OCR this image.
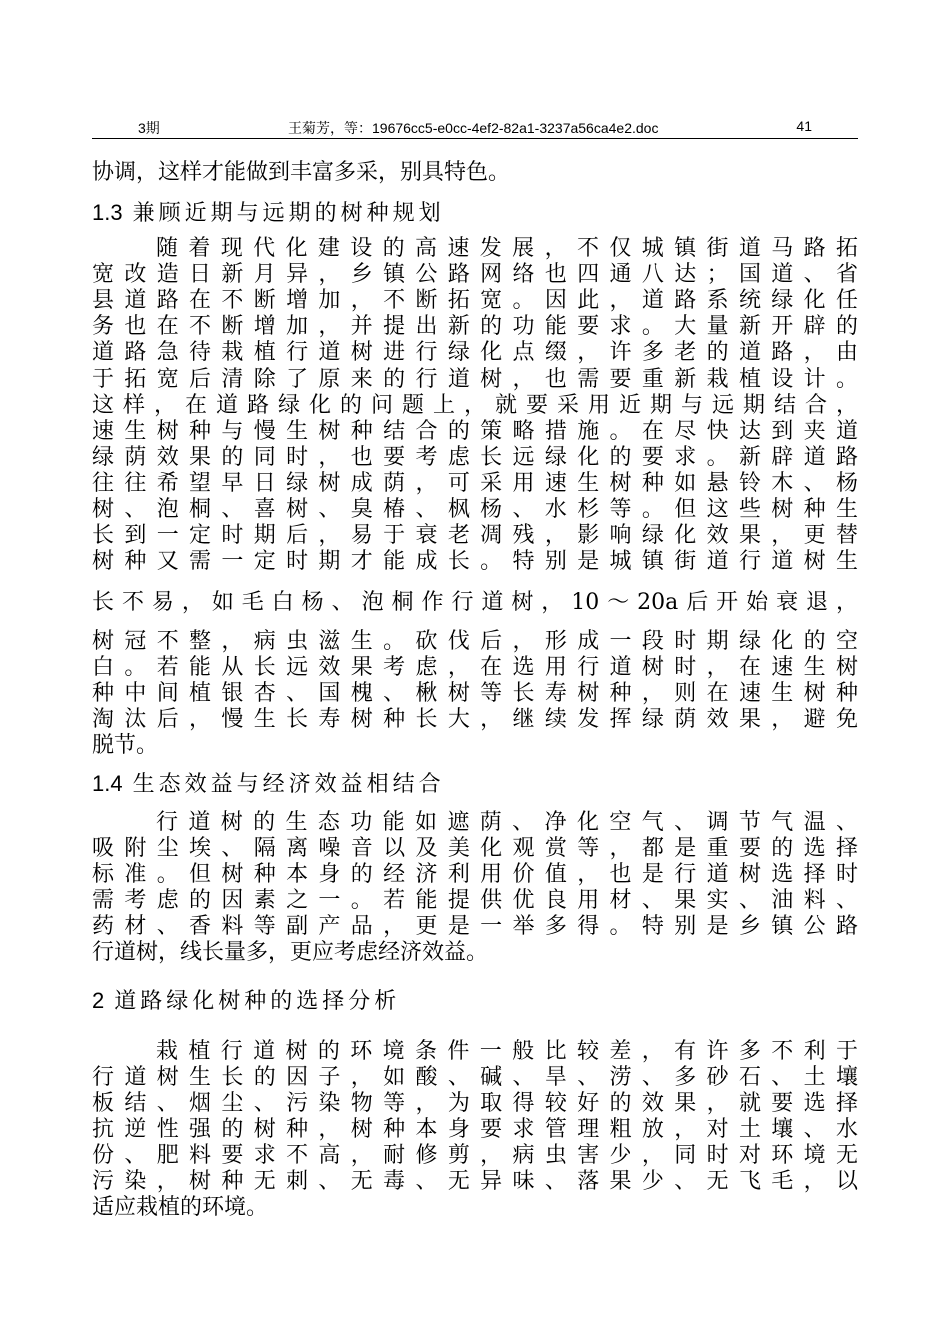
3期	王菊芳，等：19676cc5-e0cc-4ef2-82a1-3237a56ca4e2.doc	41
协调，这样才能做到丰富多采，别具特色。
1.3 兼顾近期与远期的树种规划
随着现代化建设的高速发展，不仅城镇街道马路拓
宽改造日新月异，乡镇公路网络也四通八达；国道、省
县道路在不断增加，不断拓宽。因此，道路系统绿化任
务也在不断增加，并提出新的功能要求。大量新开辟的
道路急待栽植行道树进行绿化点缀，许多老的道路，由
于拓宽后清除了原来的行道树，也需要重新栽植设计。
这样，在道路绿化的问题上，就要采用近期与远期结合，
速生树种与慢生树种结合的策略措施。在尽快达到夹道
绿荫效果的同时，也要考虑长远绿化的要求。新辟道路
往往希望早日绿树成荫，可采用速生树种如悬铃木、杨
树、泡桐、喜树、臭椿、枫杨、水杉等。但这些树种生
长到一定时期后，易于衰老凋残，影响绿化效果，更替
树种又需一定时期才能成长。特别是城镇街道行道树生
长不易，如毛白杨、泡桐作行道树，10～20a后开始衰退，
树冠不整，病虫滋生。砍伐后，形成一段时期绿化的空
白。若能从长远效果考虑，在选用行道树时，在速生树
种中间植银杏、国槐、楸树等长寿树种，则在速生树种
淘汰后，慢生长寿树种长大，继续发挥绿荫效果，避免
脱节。
1.4 生态效益与经济效益相结合
行道树的生态功能如遮荫、净化空气、调节气温、
吸附尘埃、隔离噪音以及美化观赏等，都是重要的选择
标准。但树种本身的经济利用价值，也是行道树选择时
需考虑的因素之一。若能提供优良用材、果实、油料、
药材、香料等副产品，更是一举多得。特别是乡镇公路
行道树，线长量多，更应考虑经济效益。
2 道路绿化树种的选择分析
栽植行道树的环境条件一般比较差，有许多不利于
行道树生长的因子，如酸、碱、旱、涝、多砂石、土壤
板结、烟尘、污染物等，为取得较好的效果，就要选择
抗逆性强的树种，树种本身要求管理粗放，对土壤、水
份、肥料要求不高，耐修剪，病虫害少，同时对环境无
污染，树种无刺、无毒、无异味、落果少、无飞毛，以
适应栽植的环境。
